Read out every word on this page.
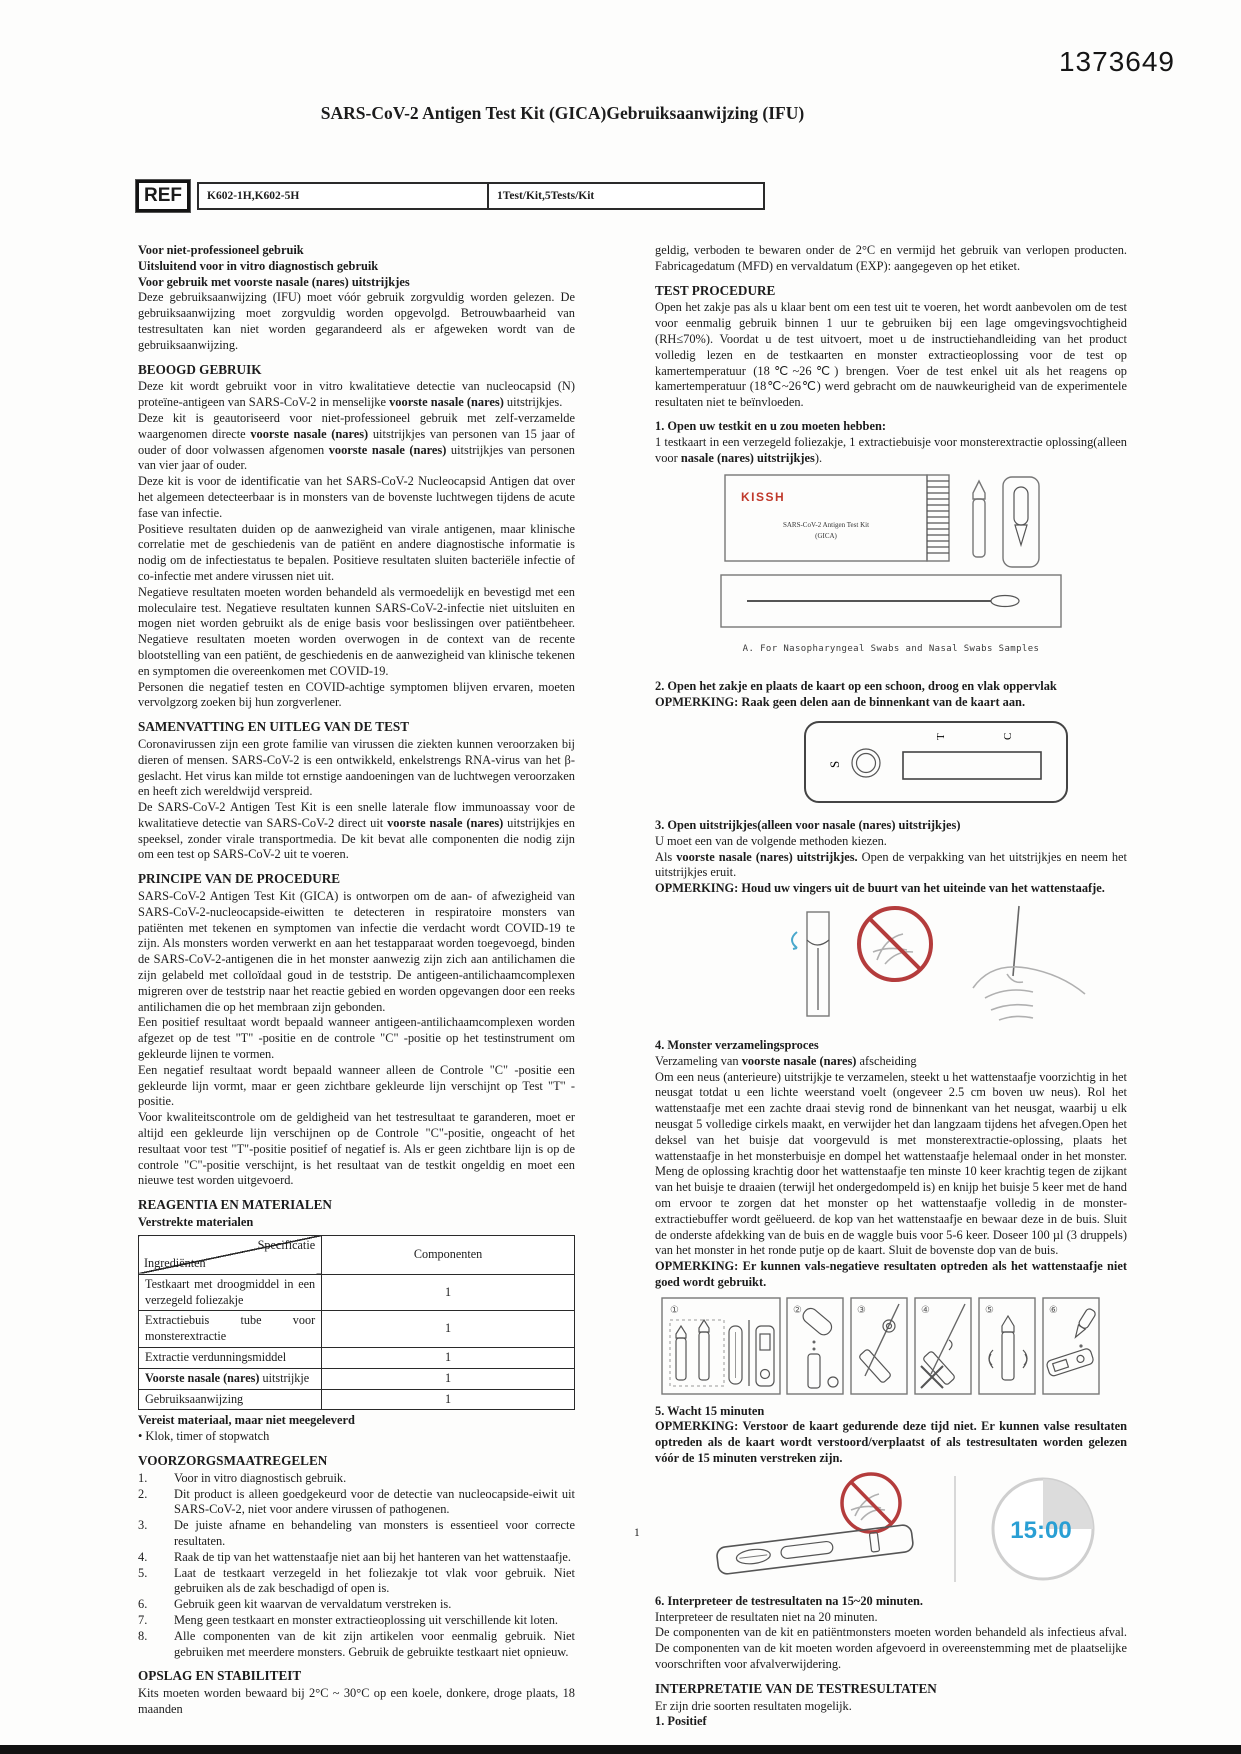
1373649
SARS-CoV-2 Antigen Test Kit (GICA)Gebruiksaanwijzing (IFU)
REF	K602-1H,K602-5H	1Test/Kit,5Tests/Kit

Voor niet-professioneel gebruik

Uitsluitend voor in vitro diagnostisch gebruik

Voor gebruik met voorste nasale (nares) uitstrijkjes

Deze gebruiksaanwijzing (IFU) moet vóór gebruik zorgvuldig worden gelezen. De gebruiksaanwijzing moet zorgvuldig worden opgevolgd. Betrouwbaarheid van testresultaten kan niet worden gegarandeerd als er afgeweken wordt van de gebruiksaanwijzing.

BEOOGD GEBRUIK

Deze kit wordt gebruikt voor in vitro kwalitatieve detectie van nucleocapsid (N) proteïne-antigeen van SARS-CoV-2 in menselijke voorste nasale (nares) uitstrijkjes.

Deze kit is geautoriseerd voor niet-professioneel gebruik met zelf-verzamelde waargenomen directe voorste nasale (nares) uitstrijkjes van personen van 15 jaar of ouder of door volwassen afgenomen voorste nasale (nares) uitstrijkjes van personen van vier jaar of ouder.

Deze kit is voor de identificatie van het SARS-CoV-2 Nucleocapsid Antigen dat over het algemeen detecteerbaar is in monsters van de bovenste luchtwegen tijdens de acute fase van infectie.

Positieve resultaten duiden op de aanwezigheid van virale antigenen, maar klinische correlatie met de geschiedenis van de patiënt en andere diagnostische informatie is nodig om de infectiestatus te bepalen. Positieve resultaten sluiten bacteriële infectie of co-infectie met andere virussen niet uit.

Negatieve resultaten moeten worden behandeld als vermoedelijk en bevestigd met een moleculaire test. Negatieve resultaten kunnen SARS-CoV-2-infectie niet uitsluiten en mogen niet worden gebruikt als de enige basis voor beslissingen over patiëntbeheer. Negatieve resultaten moeten worden overwogen in de context van de recente blootstelling van een patiënt, de geschiedenis en de aanwezigheid van klinische tekenen en symptomen die overeenkomen met COVID-19.

Personen die negatief testen en COVID-achtige symptomen blijven ervaren, moeten vervolgzorg zoeken bij hun zorgverlener.

SAMENVATTING EN UITLEG VAN DE TEST

Coronavirussen zijn een grote familie van virussen die ziekten kunnen veroorzaken bij dieren of mensen. SARS-CoV-2 is een ontwikkeld, enkelstrengs RNA-virus van het β-geslacht. Het virus kan milde tot ernstige aandoeningen van de luchtwegen veroorzaken en heeft zich wereldwijd verspreid.

De SARS-CoV-2 Antigen Test Kit is een snelle laterale flow immunoassay voor de kwalitatieve detectie van SARS-CoV-2 direct uit voorste nasale (nares) uitstrijkjes en speeksel, zonder virale transportmedia. De kit bevat alle componenten die nodig zijn om een test op SARS-CoV-2 uit te voeren.

PRINCIPE VAN DE PROCEDURE

SARS-CoV-2 Antigen Test Kit (GICA) is ontworpen om de aan- of afwezigheid van SARS-CoV-2-nucleocapside-eiwitten te detecteren in respiratoire monsters van patiënten met tekenen en symptomen van infectie die verdacht wordt COVID-19 te zijn. Als monsters worden verwerkt en aan het testapparaat worden toegevoegd, binden de SARS-CoV-2-antigenen die in het monster aanwezig zijn zich aan antilichamen die zijn gelabeld met colloïdaal goud in de teststrip. De antigeen-antilichaamcomplexen migreren over de teststrip naar het reactie gebied en worden opgevangen door een reeks antilichamen die op het membraan zijn gebonden.

Een positief resultaat wordt bepaald wanneer antigeen-antilichaamcomplexen worden afgezet op de test "T" -positie en de controle "C" -positie op het testinstrument om gekleurde lijnen te vormen.

Een negatief resultaat wordt bepaald wanneer alleen de Controle "C" -positie een gekleurde lijn vormt, maar er geen zichtbare gekleurde lijn verschijnt op Test "T" -positie.

Voor kwaliteitscontrole om de geldigheid van het testresultaat te garanderen, moet er altijd een gekleurde lijn verschijnen op de Controle "C"-positie, ongeacht of het resultaat voor test "T"-positie positief of negatief is. Als er geen zichtbare lijn is op de controle "C"-positie verschijnt, is het resultaat van de testkit ongeldig en moet een nieuwe test worden uitgevoerd.

REAGENTIA EN MATERIALEN

Verstrekte materialen

Specificatie
Ingrediënten	Componenten
Testkaart met droogmiddel in een verzegeld foliezakje	1
Extractiebuis tube voor monsterextractie	1
Extractie verdunningsmiddel	1
Voorste nasale (nares) uitstrijkje	1
Gebruiksaanwijzing	1

Vereist materiaal, maar niet meegeleverd

• Klok, timer of stopwatch

VOORZORGSMAATREGELEN

1.	Voor in vitro diagnostisch gebruik.
2.	Dit product is alleen goedgekeurd voor de detectie van nucleocapside-eiwit uit SARS-CoV-2, niet voor andere virussen of pathogenen.
3.	De juiste afname en behandeling van monsters is essentieel voor correcte resultaten.
4.	Raak de tip van het wattenstaafje niet aan bij het hanteren van het wattenstaafje.
5.	Laat de testkaart verzegeld in het foliezakje tot vlak voor gebruik. Niet gebruiken als de zak beschadigd of open is.
6.	Gebruik geen kit waarvan de vervaldatum verstreken is.
7.	Meng geen testkaart en monster extractieoplossing uit verschillende kit loten.
8.	Alle componenten van de kit zijn artikelen voor eenmalig gebruik. Niet gebruiken met meerdere monsters. Gebruik de gebruikte testkaart niet opnieuw.

OPSLAG EN STABILITEIT

Kits moeten worden bewaard bij 2°C ~ 30°C op een koele, donkere, droge plaats, 18 maanden

geldig, verboden te bewaren onder de 2°C en vermijd het gebruik van verlopen producten. Fabricagedatum (MFD) en vervaldatum (EXP): aangegeven op het etiket.

TEST PROCEDURE

Open het zakje pas als u klaar bent om een test uit te voeren, het wordt aanbevolen om de test voor eenmalig gebruik binnen 1 uur te gebruiken bij een lage omgevingsvochtigheid (RH≤70%). Voordat u de test uitvoert, moet u de instructiehandleiding van het product volledig lezen en de testkaarten en monster extractieoplossing voor de test op kamertemperatuur (18℃~26℃) brengen. Voer de test enkel uit als het reagens op kamertemperatuur (18℃~26℃) werd gebracht om de nauwkeurigheid van de experimentele resultaten niet te beïnvloeden.

1. Open uw testkit en u zou moeten hebben:

1 testkaart in een verzegeld foliezakje, 1 extractiebuisje voor monsterextractie oplossing(alleen voor nasale (nares) uitstrijkjes).

KISSH
SARS-CoV-2 Antigen Test Kit
(GICA)
A. For Nasopharyngeal Swabs and Nasal Swabs Samples

2. Open het zakje en plaats de kaart op een schoon, droog en vlak oppervlak

OPMERKING: Raak geen delen aan de binnenkant van de kaart aan.

S
T	C

3. Open uitstrijkjes(alleen voor nasale (nares) uitstrijkjes)

U moet een van de volgende methoden kiezen.

Als voorste nasale (nares) uitstrijkjes. Open de verpakking van het uitstrijkjes en neem het uitstrijkjes eruit.

OPMERKING: Houd uw vingers uit de buurt van het uiteinde van het wattenstaafje.

4. Monster verzamelingsproces

Verzameling van voorste nasale (nares) afscheiding

Om een neus (anterieure) uitstrijkje te verzamelen, steekt u het wattenstaafje voorzichtig in het neusgat totdat u een lichte weerstand voelt (ongeveer 2.5 cm boven uw neus). Rol het wattenstaafje met een zachte draai stevig rond de binnenkant van het neusgat, waarbij u elk neusgat 5 volledige cirkels maakt, en verwijder het dan langzaam tijdens het afvegen.Open het deksel van het buisje dat voorgevuld is met monsterextractie-oplossing, plaats het wattenstaafje in het monsterbuisje en dompel het wattenstaafje helemaal onder in het monster. Meng de oplossing krachtig door het wattenstaafje ten minste 10 keer krachtig tegen de zijkant van het buisje te draaien (terwijl het ondergedompeld is) en knijp het buisje 5 keer met de hand om ervoor te zorgen dat het monster op het wattenstaafje volledig in de monster-extractiebuffer wordt geëlueerd. de kop van het wattenstaafje en bewaar deze in de buis. Sluit de onderste afdekking van de buis en de waggle buis voor 5-6 keer. Doseer 100 µl (3 druppels) van het monster in het ronde putje op de kaart. Sluit de bovenste dop van de buis.

OPMERKING: Er kunnen vals-negatieve resultaten optreden als het wattenstaafje niet goed wordt gebruikt.

①	②	③	④	⑤	⑥

5. Wacht 15 minuten

OPMERKING: Verstoor de kaart gedurende deze tijd niet. Er kunnen valse resultaten optreden als de kaart wordt verstoord/verplaatst of als testresultaten worden gelezen vóór de 15 minuten verstreken zijn.

15:00

6. Interpreteer de testresultaten na 15~20 minuten.

Interpreteer de resultaten niet na 20 minuten.

De componenten van de kit en patiëntmonsters moeten worden behandeld als infectieus afval. De componenten van de kit moeten worden afgevoerd in overeenstemming met de plaatselijke voorschriften voor afvalverwijdering.

INTERPRETATIE VAN DE TESTRESULTATEN

Er zijn drie soorten resultaten mogelijk.

1. Positief

1
